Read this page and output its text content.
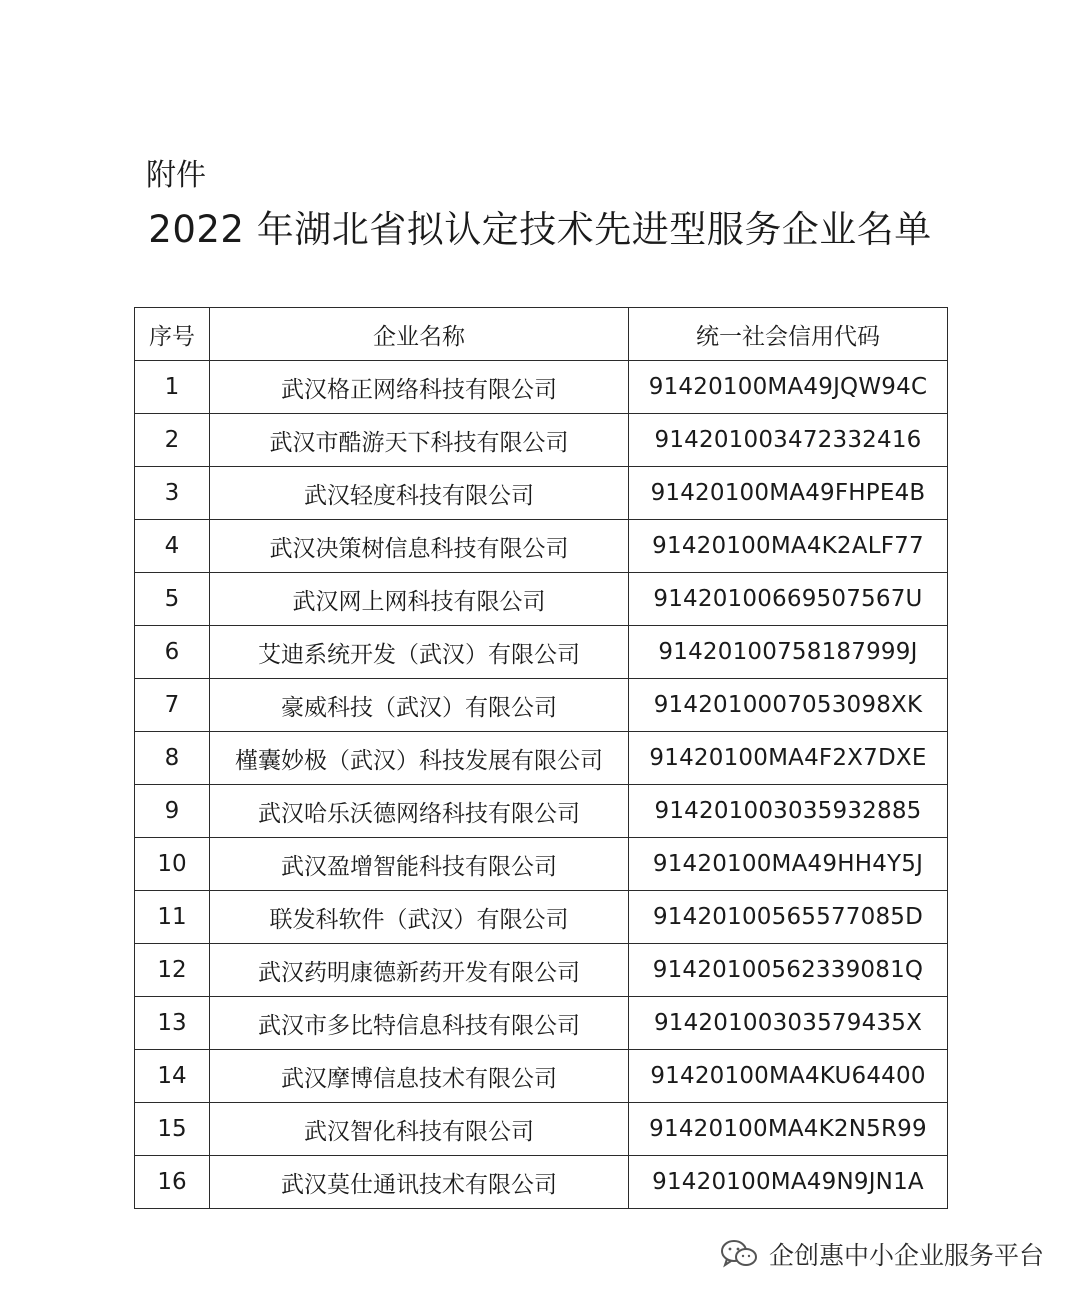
附件
2022 年湖北省拟认定技术先进型服务企业名单
序号	企业名称	统一社会信用代码
1	武汉格正网络科技有限公司	91420100MA49JQW94C
2	武汉市酷游天下科技有限公司	914201003472332416
3	武汉轻度科技有限公司	91420100MA49FHPE4B
4	武汉决策树信息科技有限公司	91420100MA4K2ALF77
5	武汉网上网科技有限公司	91420100669507567U
6	艾迪系统开发（武汉）有限公司	91420100758187999J
7	豪威科技（武汉）有限公司	9142010007053098XK
8	槿囊妙极（武汉）科技发展有限公司	91420100MA4F2X7DXE
9	武汉哈乐沃德网络科技有限公司	914201003035932885
10	武汉盈增智能科技有限公司	91420100MA49HH4Y5J
11	联发科软件（武汉）有限公司	91420100565577085D
12	武汉药明康德新药开发有限公司	91420100562339081Q
13	武汉市多比特信息科技有限公司	91420100303579435X
14	武汉摩博信息技术有限公司	91420100MA4KU64400
15	武汉智化科技有限公司	91420100MA4K2N5R99
16	武汉莫仕通讯技术有限公司	91420100MA49N9JN1A
企创惠中小企业服务平台
